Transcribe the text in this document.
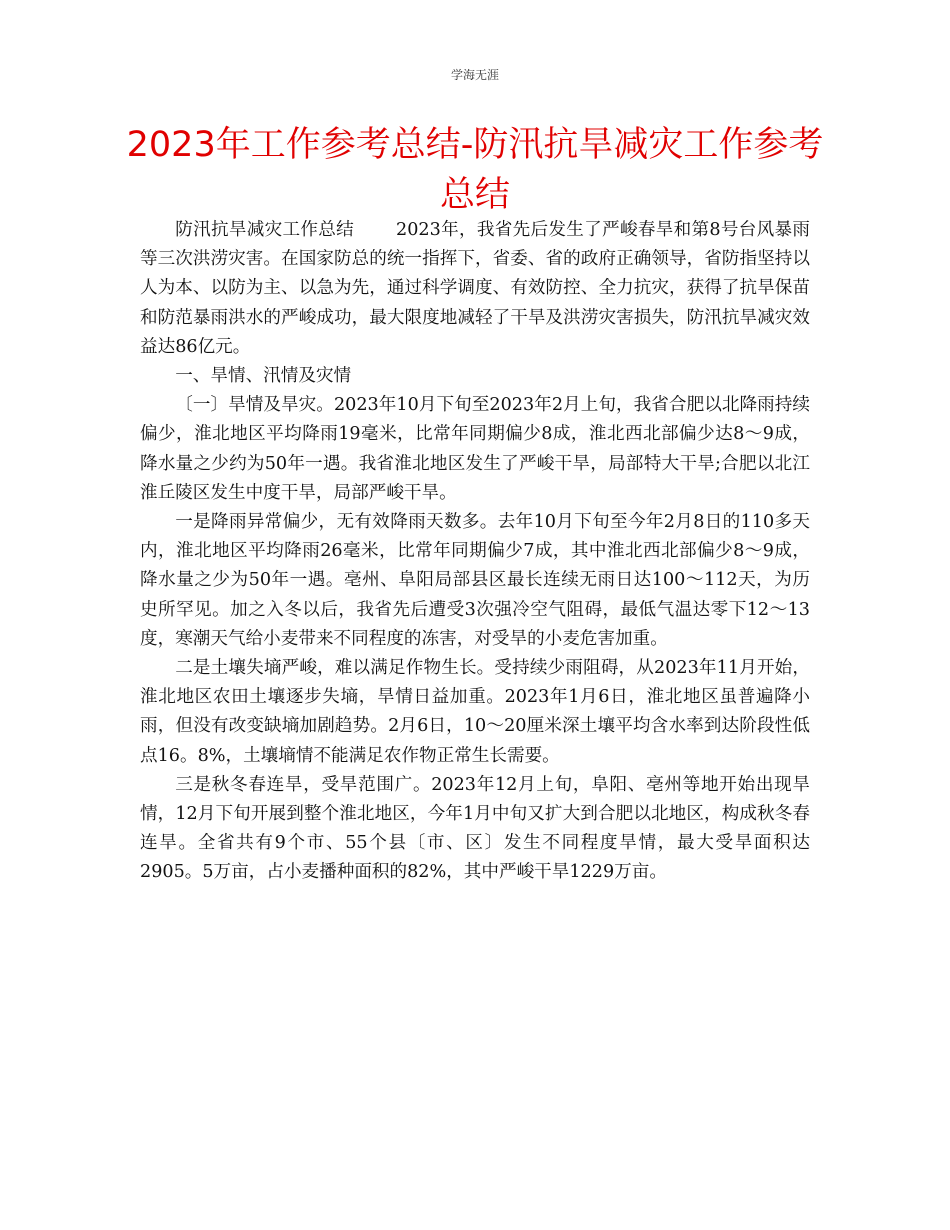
学海无涯
2023年工作参考总结-防汛抗旱减灾工作参考总结

防汛抗旱减灾工作总结 2023年，我省先后发生了严峻春旱和第8号台风暴雨等三次洪涝灾害。在国家防总的统一指挥下，省委、省的政府正确领导，省防指坚持以人为本、以防为主、以急为先，通过科学调度、有效防控、全力抗灾，获得了抗旱保苗和防范暴雨洪水的严峻成功，最大限度地减轻了干旱及洪涝灾害损失，防汛抗旱减灾效益达86亿元。

一、旱情、汛情及灾情

〔一〕旱情及旱灾。2023年10月下旬至2023年2月上旬，我省合肥以北降雨持续偏少，淮北地区平均降雨19毫米，比常年同期偏少8成，淮北西北部偏少达8～9成，降水量之少约为50年一遇。我省淮北地区发生了严峻干旱，局部特大干旱;合肥以北江淮丘陵区发生中度干旱，局部严峻干旱。

一是降雨异常偏少，无有效降雨天数多。去年10月下旬至今年2月8日的110多天内，淮北地区平均降雨26毫米，比常年同期偏少7成，其中淮北西北部偏少8～9成，降水量之少为50年一遇。亳州、阜阳局部县区最长连续无雨日达100～112天，为历史所罕见。加之入冬以后，我省先后遭受3次强冷空气阻碍，最低气温达零下12～13度，寒潮天气给小麦带来不同程度的冻害，对受旱的小麦危害加重。

二是土壤失墒严峻，难以满足作物生长。受持续少雨阻碍，从2023年11月开始，淮北地区农田土壤逐步失墒，旱情日益加重。2023年1月6日，淮北地区虽普遍降小雨，但没有改变缺墒加剧趋势。2月6日，10～20厘米深土壤平均含水率到达阶段性低点16。8%，土壤墒情不能满足农作物正常生长需要。

三是秋冬春连旱，受旱范围广。2023年12月上旬，阜阳、亳州等地开始出现旱情，12月下旬开展到整个淮北地区，今年1月中旬又扩大到合肥以北地区，构成秋冬春连旱。全省共有9个市、55个县〔市、区〕发生不同程度旱情，最大受旱面积达2905。5万亩，占小麦播种面积的82%，其中严峻干旱1229万亩。
